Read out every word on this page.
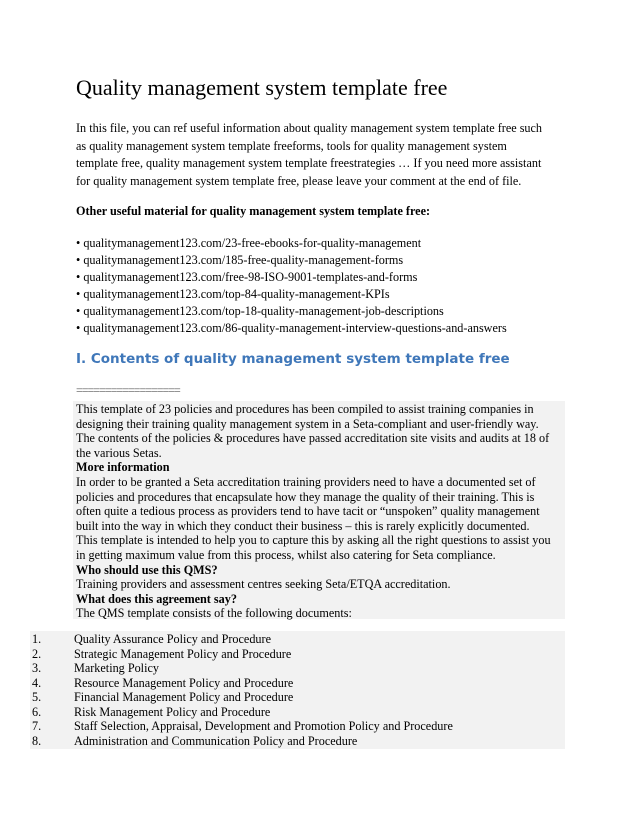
Quality management system template free

In this file, you can ref useful information about quality management system template free such
as quality management system template freeforms, tools for quality management system
template free, quality management system template freestrategies … If you need more assistant
for quality management system template free, please leave your comment at the end of file.

Other useful material for quality management system template free:
• qualitymanagement123.com/23-free-ebooks-for-quality-management
• qualitymanagement123.com/185-free-quality-management-forms
• qualitymanagement123.com/free-98-ISO-9001-templates-and-forms
• qualitymanagement123.com/top-84-quality-management-KPIs
• qualitymanagement123.com/top-18-quality-management-job-descriptions
• qualitymanagement123.com/86-quality-management-interview-questions-and-answers
I. Contents of quality management system template free
==================
This template of 23 policies and procedures has been compiled to assist training companies in
designing their training quality management system in a Seta-compliant and user-friendly way.
The contents of the policies & procedures have passed accreditation site visits and audits at 18 of
the various Setas.
More information
In order to be granted a Seta accreditation training providers need to have a documented set of
policies and procedures that encapsulate how they manage the quality of their training. This is
often quite a tedious process as providers tend to have tacit or “unspoken” quality management
built into the way in which they conduct their business – this is rarely explicitly documented.
This template is intended to help you to capture this by asking all the right questions to assist you
in getting maximum value from this process, whilst also catering for Seta compliance.
Who should use this QMS?
Training providers and assessment centres seeking Seta/ETQA accreditation.
What does this agreement say?
The QMS template consists of the following documents:
1.	Quality Assurance Policy and Procedure
2.	Strategic Management Policy and Procedure
3.	Marketing Policy
4.	Resource Management Policy and Procedure
5.	Financial Management Policy and Procedure
6.	Risk Management Policy and Procedure
7.	Staff Selection, Appraisal, Development and Promotion Policy and Procedure
8.	Administration and Communication Policy and Procedure
